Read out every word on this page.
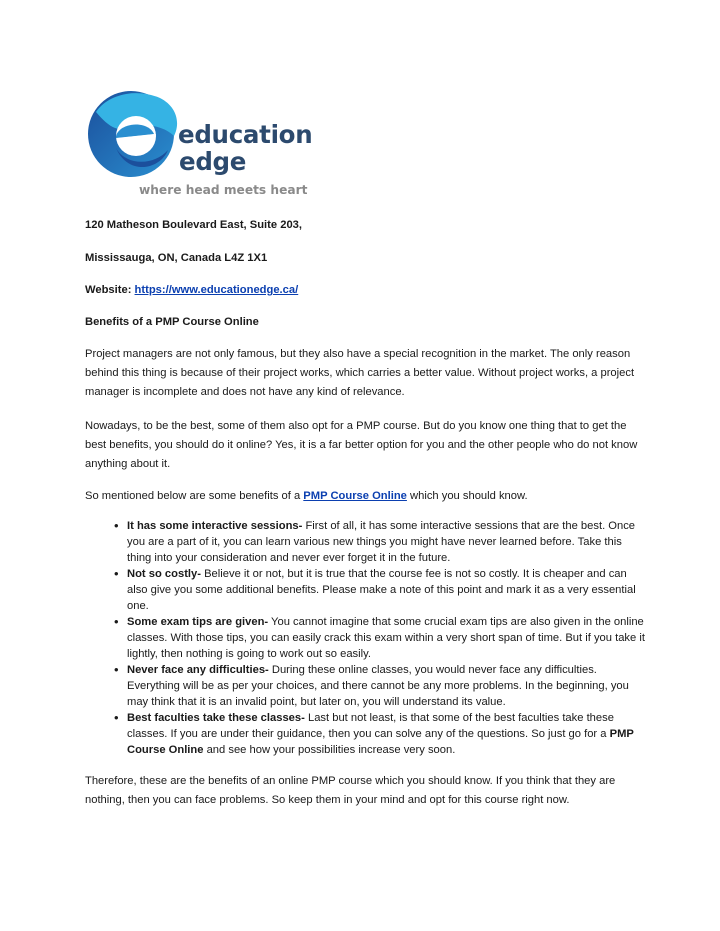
education
edge
where head meets heart

120 Matheson Boulevard East, Suite 203,

Mississauga, ON, Canada L4Z 1X1

Website: https://www.educationedge.ca/

Benefits of a PMP Course Online

Project managers are not only famous, but they also have a special recognition in the market. The only reason behind this thing is because of their project works, which carries a better value. Without project works, a project manager is incomplete and does not have any kind of relevance.

Nowadays, to be the best, some of them also opt for a PMP course. But do you know one thing that to get the best benefits, you should do it online? Yes, it is a far better option for you and the other people who do not know anything about it.

So mentioned below are some benefits of a PMP Course Online which you should know.

• It has some interactive sessions- First of all, it has some interactive sessions that are the best. Once you are a part of it, you can learn various new things you might have never learned before. Take this thing into your consideration and never ever forget it in the future.
• Not so costly- Believe it or not, but it is true that the course fee is not so costly. It is cheaper and can also give you some additional benefits. Please make a note of this point and mark it as a very essential one.
• Some exam tips are given- You cannot imagine that some crucial exam tips are also given in the online classes. With those tips, you can easily crack this exam within a very short span of time. But if you take it lightly, then nothing is going to work out so easily.
• Never face any difficulties- During these online classes, you would never face any difficulties. Everything will be as per your choices, and there cannot be any more problems. In the beginning, you may think that it is an invalid point, but later on, you will understand its value.
• Best faculties take these classes- Last but not least, is that some of the best faculties take these classes. If you are under their guidance, then you can solve any of the questions. So just go for a PMP Course Online and see how your possibilities increase very soon.

Therefore, these are the benefits of an online PMP course which you should know. If you think that they are nothing, then you can face problems. So keep them in your mind and opt for this course right now.
